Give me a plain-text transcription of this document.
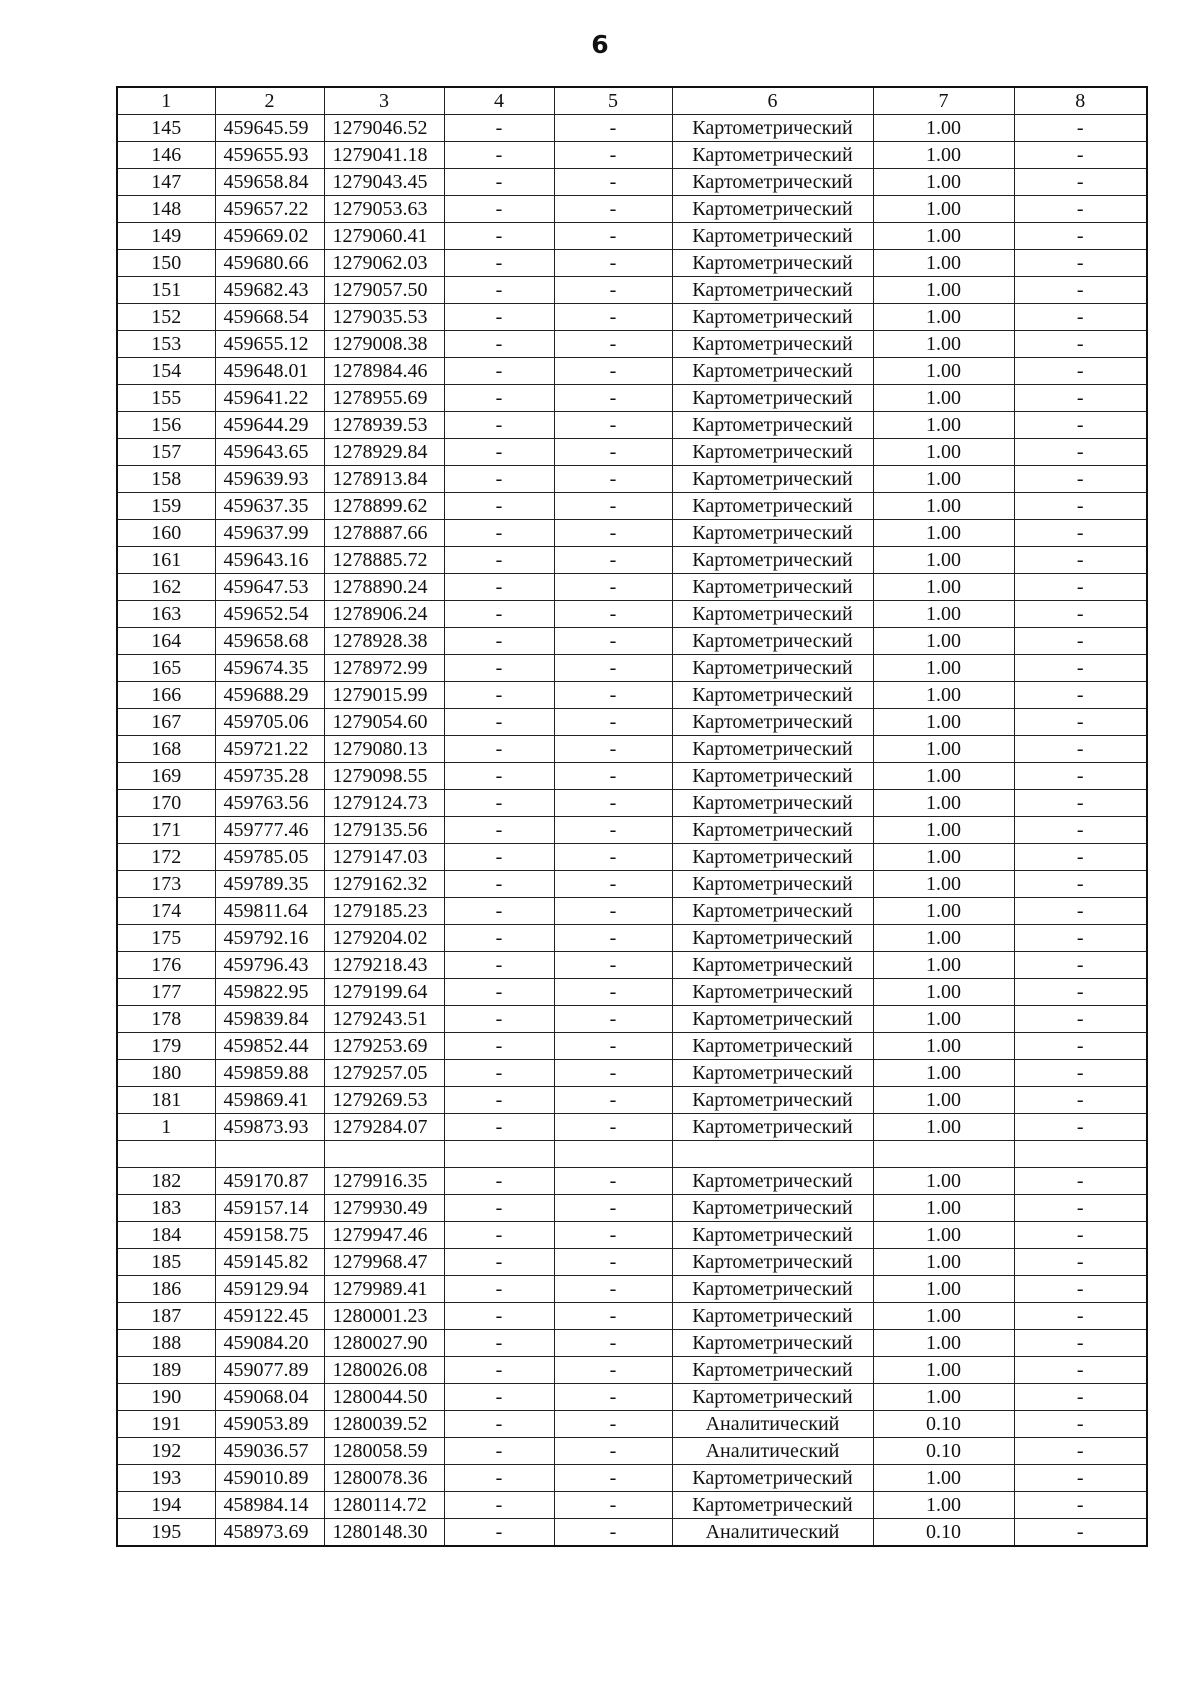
6
1	2	3	4	5	6	7	8
145	459645.59	1279046.52	-	-	Картометрический	1.00	-
146	459655.93	1279041.18	-	-	Картометрический	1.00	-
147	459658.84	1279043.45	-	-	Картометрический	1.00	-
148	459657.22	1279053.63	-	-	Картометрический	1.00	-
149	459669.02	1279060.41	-	-	Картометрический	1.00	-
150	459680.66	1279062.03	-	-	Картометрический	1.00	-
151	459682.43	1279057.50	-	-	Картометрический	1.00	-
152	459668.54	1279035.53	-	-	Картометрический	1.00	-
153	459655.12	1279008.38	-	-	Картометрический	1.00	-
154	459648.01	1278984.46	-	-	Картометрический	1.00	-
155	459641.22	1278955.69	-	-	Картометрический	1.00	-
156	459644.29	1278939.53	-	-	Картометрический	1.00	-
157	459643.65	1278929.84	-	-	Картометрический	1.00	-
158	459639.93	1278913.84	-	-	Картометрический	1.00	-
159	459637.35	1278899.62	-	-	Картометрический	1.00	-
160	459637.99	1278887.66	-	-	Картометрический	1.00	-
161	459643.16	1278885.72	-	-	Картометрический	1.00	-
162	459647.53	1278890.24	-	-	Картометрический	1.00	-
163	459652.54	1278906.24	-	-	Картометрический	1.00	-
164	459658.68	1278928.38	-	-	Картометрический	1.00	-
165	459674.35	1278972.99	-	-	Картометрический	1.00	-
166	459688.29	1279015.99	-	-	Картометрический	1.00	-
167	459705.06	1279054.60	-	-	Картометрический	1.00	-
168	459721.22	1279080.13	-	-	Картометрический	1.00	-
169	459735.28	1279098.55	-	-	Картометрический	1.00	-
170	459763.56	1279124.73	-	-	Картометрический	1.00	-
171	459777.46	1279135.56	-	-	Картометрический	1.00	-
172	459785.05	1279147.03	-	-	Картометрический	1.00	-
173	459789.35	1279162.32	-	-	Картометрический	1.00	-
174	459811.64	1279185.23	-	-	Картометрический	1.00	-
175	459792.16	1279204.02	-	-	Картометрический	1.00	-
176	459796.43	1279218.43	-	-	Картометрический	1.00	-
177	459822.95	1279199.64	-	-	Картометрический	1.00	-
178	459839.84	1279243.51	-	-	Картометрический	1.00	-
179	459852.44	1279253.69	-	-	Картометрический	1.00	-
180	459859.88	1279257.05	-	-	Картометрический	1.00	-
181	459869.41	1279269.53	-	-	Картометрический	1.00	-
1	459873.93	1279284.07	-	-	Картометрический	1.00	-

182	459170.87	1279916.35	-	-	Картометрический	1.00	-
183	459157.14	1279930.49	-	-	Картометрический	1.00	-
184	459158.75	1279947.46	-	-	Картометрический	1.00	-
185	459145.82	1279968.47	-	-	Картометрический	1.00	-
186	459129.94	1279989.41	-	-	Картометрический	1.00	-
187	459122.45	1280001.23	-	-	Картометрический	1.00	-
188	459084.20	1280027.90	-	-	Картометрический	1.00	-
189	459077.89	1280026.08	-	-	Картометрический	1.00	-
190	459068.04	1280044.50	-	-	Картометрический	1.00	-
191	459053.89	1280039.52	-	-	Аналитический	0.10	-
192	459036.57	1280058.59	-	-	Аналитический	0.10	-
193	459010.89	1280078.36	-	-	Картометрический	1.00	-
194	458984.14	1280114.72	-	-	Картометрический	1.00	-
195	458973.69	1280148.30	-	-	Аналитический	0.10	-
